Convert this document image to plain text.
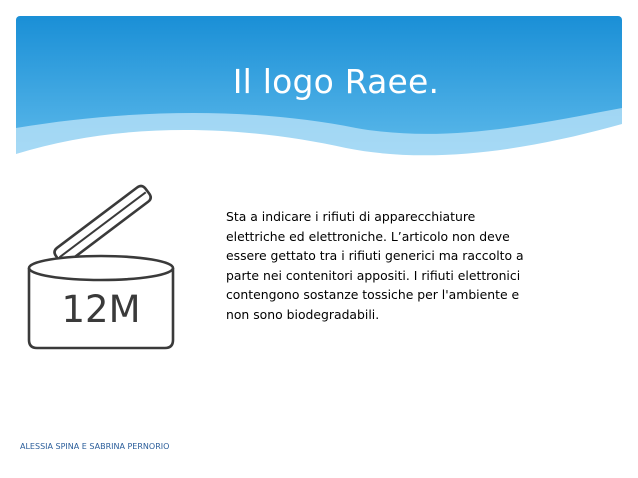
Il logo Raee.
12M
Sta a indicare i rifiuti di apparecchiature elettriche ed elettroniche. L’articolo non deve essere gettato tra i rifiuti generici ma raccolto a parte nei contenitori appositi. I rifiuti elettronici contengono sostanze tossiche per l'ambiente e non sono biodegradabili.
ALESSIA SPINA E SABRINA PERNORIO
